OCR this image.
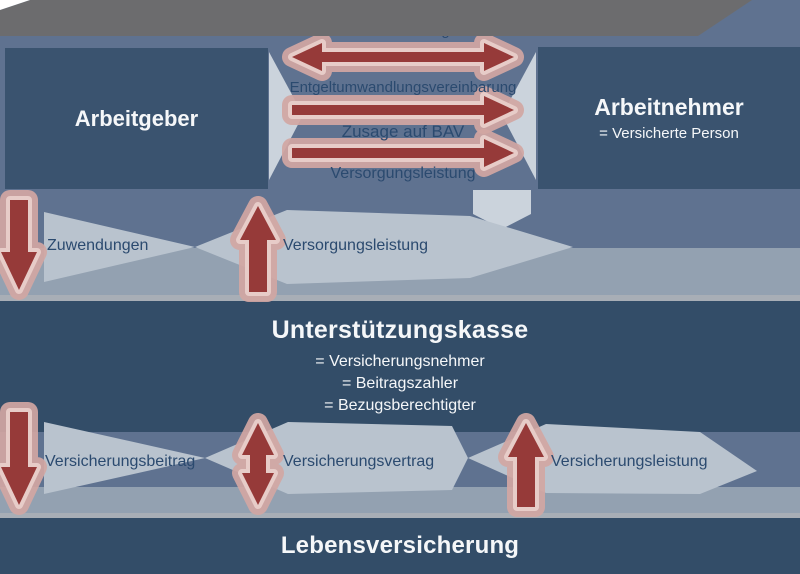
Unterstützungskasse
= Versicherungsnehmer
= Beitragszahler
= Bezugsberechtigter
Lebensversicherung
Arbeitgeber	Arbeitnehmer
= Versicherte Person
Entgeltumwandlungsvereinbarung
Zusage auf BAV
Versorgungsleistung
Zuwendungen	Versorgungsleistung
Versicherungsbeitrag	Versicherungsvertrag	Versicherungsleistung
